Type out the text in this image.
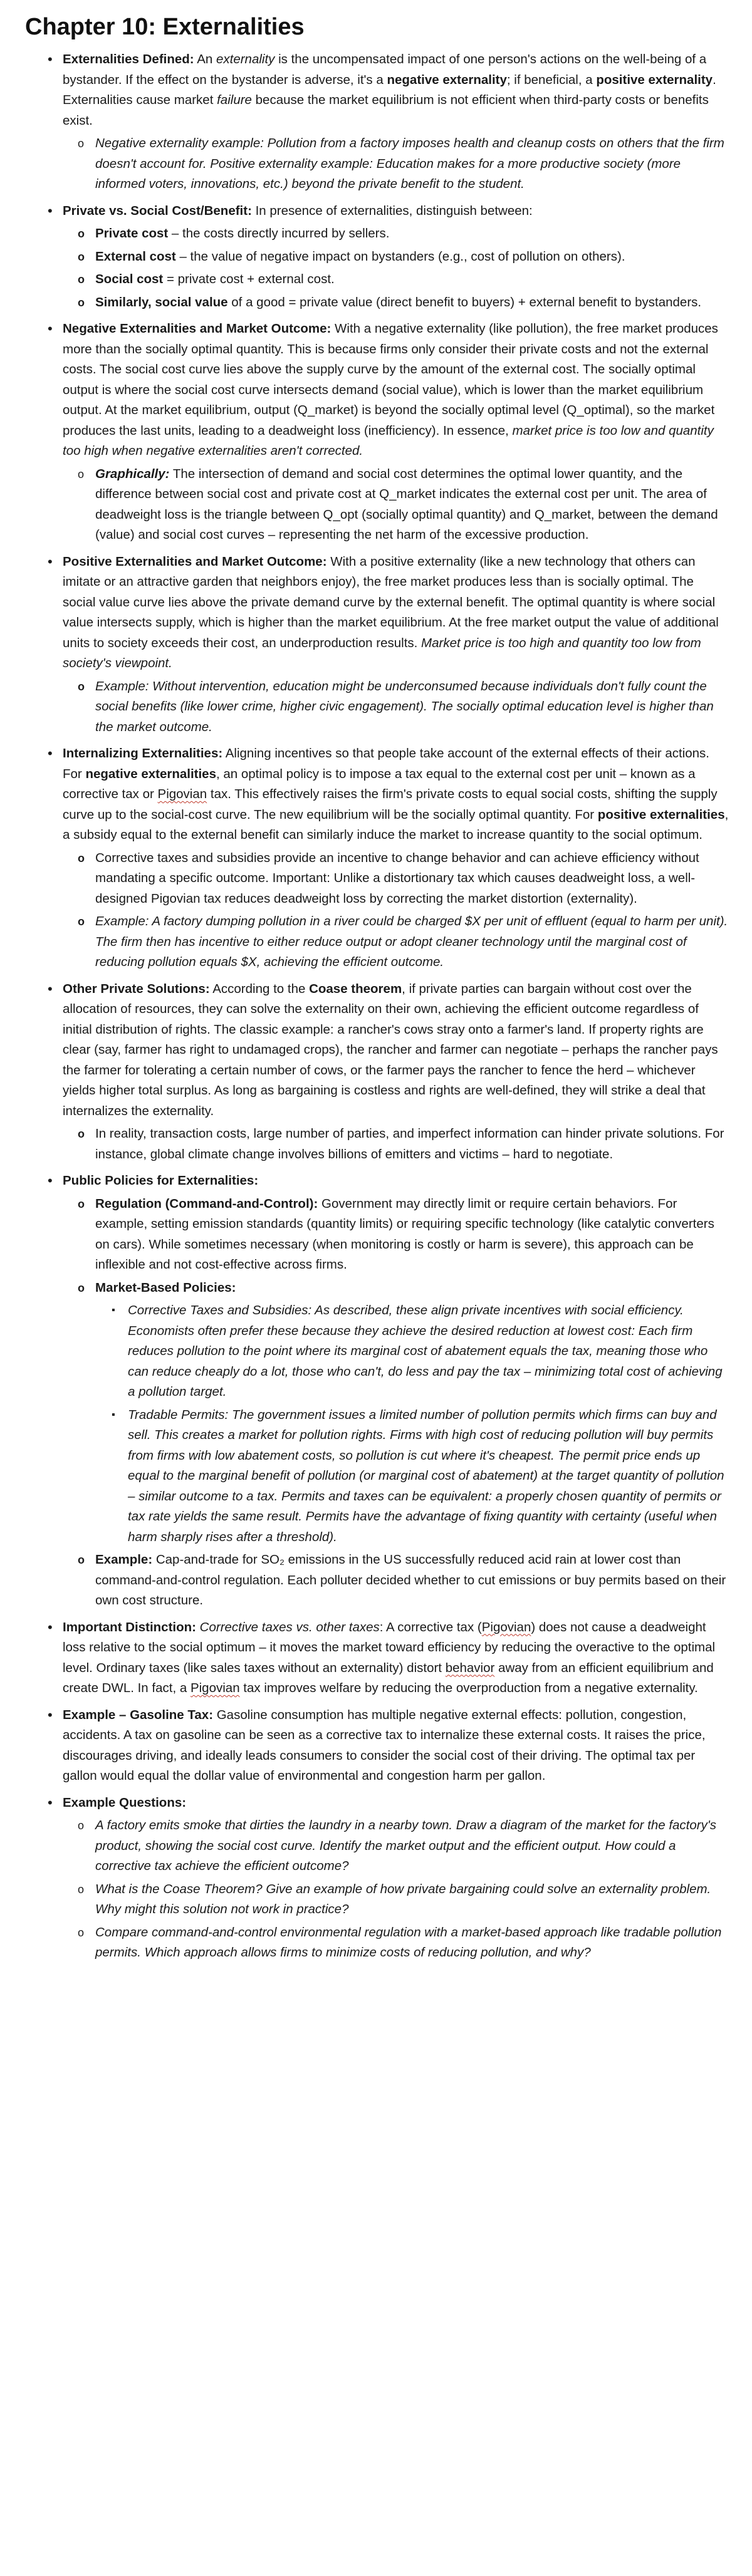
Chapter 10: Externalities
• Externalities Defined: An externality is the uncompensated impact of one person's actions on the well-being of a bystander. If the effect on the bystander is adverse, it's a negative externality; if beneficial, a positive externality. Externalities cause market failure because the market equilibrium is not efficient when third-party costs or benefits exist.
o Negative externality example: Pollution from a factory imposes health and cleanup costs on others that the firm doesn't account for. Positive externality example: Education makes for a more productive society (more informed voters, innovations, etc.) beyond the private benefit to the student.
• Private vs. Social Cost/Benefit: In presence of externalities, distinguish between:
o Private cost – the costs directly incurred by sellers.
o External cost – the value of negative impact on bystanders (e.g., cost of pollution on others).
o Social cost = private cost + external cost.
o Similarly, social value of a good = private value (direct benefit to buyers) + external benefit to bystanders.
• Negative Externalities and Market Outcome: With a negative externality (like pollution), the free market produces more than the socially optimal quantity. This is because firms only consider their private costs and not the external costs. The social cost curve lies above the supply curve by the amount of the external cost. The socially optimal output is where the social cost curve intersects demand (social value), which is lower than the market equilibrium output. At the market equilibrium, output (Q_market) is beyond the socially optimal level (Q_optimal), so the market produces the last units, leading to a deadweight loss (inefficiency). In essence, market price is too low and quantity too high when negative externalities aren't corrected.
o Graphically: The intersection of demand and social cost determines the optimal lower quantity, and the difference between social cost and private cost at Q_market indicates the external cost per unit. The area of deadweight loss is the triangle between Q_opt (socially optimal quantity) and Q_market, between the demand (value) and social cost curves – representing the net harm of the excessive production.
• Positive Externalities and Market Outcome: With a positive externality (like a new technology that others can imitate or an attractive garden that neighbors enjoy), the free market produces less than is socially optimal. The social value curve lies above the private demand curve by the external benefit. The optimal quantity is where social value intersects supply, which is higher than the market equilibrium. At the free market output the value of additional units to society exceeds their cost, an underproduction results. Market price is too high and quantity too low from society's viewpoint.
o Example: Without intervention, education might be underconsumed because individuals don't fully count the social benefits (like lower crime, higher civic engagement). The socially optimal education level is higher than the market outcome.
• Internalizing Externalities: Aligning incentives so that people take account of the external effects of their actions. For negative externalities, an optimal policy is to impose a tax equal to the external cost per unit – known as a corrective tax or Pigovian tax. This effectively raises the firm's private costs to equal social costs, shifting the supply curve up to the social-cost curve. The new equilibrium will be the socially optimal quantity. For positive externalities, a subsidy equal to the external benefit can similarly induce the market to increase quantity to the social optimum.
o Corrective taxes and subsidies provide an incentive to change behavior and can achieve efficiency without mandating a specific outcome. Important: Unlike a distortionary tax which causes deadweight loss, a well-designed Pigovian tax reduces deadweight loss by correcting the market distortion (externality).
o Example: A factory dumping pollution in a river could be charged $X per unit of effluent (equal to harm per unit). The firm then has incentive to either reduce output or adopt cleaner technology until the marginal cost of reducing pollution equals $X, achieving the efficient outcome.
• Other Private Solutions: According to the Coase theorem, if private parties can bargain without cost over the allocation of resources, they can solve the externality on their own, achieving the efficient outcome regardless of initial distribution of rights. The classic example: a rancher's cows stray onto a farmer's land. If property rights are clear (say, farmer has right to undamaged crops), the rancher and farmer can negotiate – perhaps the rancher pays the farmer for tolerating a certain number of cows, or the farmer pays the rancher to fence the herd – whichever yields higher total surplus. As long as bargaining is costless and rights are well-defined, they will strike a deal that internalizes the externality.
o In reality, transaction costs, large number of parties, and imperfect information can hinder private solutions. For instance, global climate change involves billions of emitters and victims – hard to negotiate.
• Public Policies for Externalities:
o Regulation (Command-and-Control): Government may directly limit or require certain behaviors. For example, setting emission standards (quantity limits) or requiring specific technology (like catalytic converters on cars). While sometimes necessary (when monitoring is costly or harm is severe), this approach can be inflexible and not cost-effective across firms.
o Market-Based Policies:
▪ Corrective Taxes and Subsidies: As described, these align private incentives with social efficiency. Economists often prefer these because they achieve the desired reduction at lowest cost: Each firm reduces pollution to the point where its marginal cost of abatement equals the tax, meaning those who can reduce cheaply do a lot, those who can't, do less and pay the tax – minimizing total cost of achieving a pollution target.
▪ Tradable Permits: The government issues a limited number of pollution permits which firms can buy and sell. This creates a market for pollution rights. Firms with high cost of reducing pollution will buy permits from firms with low abatement costs, so pollution is cut where it's cheapest. The permit price ends up equal to the marginal benefit of pollution (or marginal cost of abatement) at the target quantity of pollution – similar outcome to a tax. Permits and taxes can be equivalent: a properly chosen quantity of permits or tax rate yields the same result. Permits have the advantage of fixing quantity with certainty (useful when harm sharply rises after a threshold).
o Example: Cap-and-trade for SO₂ emissions in the US successfully reduced acid rain at lower cost than command-and-control regulation. Each polluter decided whether to cut emissions or buy permits based on their own cost structure.
• Important Distinction: Corrective taxes vs. other taxes: A corrective tax (Pigovian) does not cause a deadweight loss relative to the social optimum – it moves the market toward efficiency by reducing the overactive to the optimal level. Ordinary taxes (like sales taxes without an externality) distort behavior away from an efficient equilibrium and create DWL. In fact, a Pigovian tax improves welfare by reducing the overproduction from a negative externality.
• Example – Gasoline Tax: Gasoline consumption has multiple negative external effects: pollution, congestion, accidents. A tax on gasoline can be seen as a corrective tax to internalize these external costs. It raises the price, discourages driving, and ideally leads consumers to consider the social cost of their driving. The optimal tax per gallon would equal the dollar value of environmental and congestion harm per gallon.
• Example Questions:
o A factory emits smoke that dirties the laundry in a nearby town. Draw a diagram of the market for the factory's product, showing the social cost curve. Identify the market output and the efficient output. How could a corrective tax achieve the efficient outcome?
o What is the Coase Theorem? Give an example of how private bargaining could solve an externality problem. Why might this solution not work in practice?
o Compare command-and-control environmental regulation with a market-based approach like tradable pollution permits. Which approach allows firms to minimize costs of reducing pollution, and why?
